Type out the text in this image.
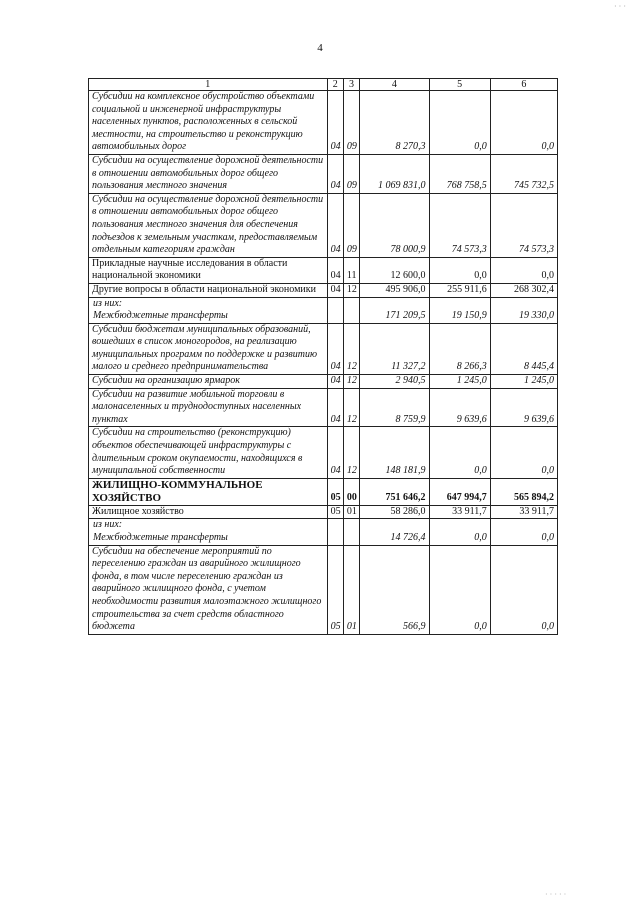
· · ·
4
1	2	3	4	5	6
Субсидии на комплексное обустройство объектами социальной и инженерной инфраструктуры населенных пунктов, расположенных в сельской местности, на строительство и реконструкцию автомобильных дорог	04	09	8 270,3	0,0	0,0
Субсидии на осуществление дорожной деятельности в отношении автомобильных дорог общего пользования местного значения	04	09	1 069 831,0	768 758,5	745 732,5
Субсидии на осуществление дорожной деятельности в отношении автомобильных дорог общего пользования местного значения для обеспечения подъездов к земельным участкам, предоставляемым отдельным категориям граждан	04	09	78 000,9	74 573,3	74 573,3
Прикладные научные исследования в области национальной экономики	04	11	12 600,0	0,0	0,0
Другие вопросы в области национальной экономики	04	12	495 906,0	255 911,6	268 302,4
из них:					
Межбюджетные трансферты			171 209,5	19 150,9	19 330,0
Субсидии бюджетам муниципальных образований, вошедших в список моногородов, на реализацию муниципальных программ по поддержке и развитию малого и среднего предпринимательства	04	12	11 327,2	8 266,3	8 445,4
Субсидии на организацию ярмарок	04	12	2 940,5	1 245,0	1 245,0
Субсидии на развитие мобильной торговли в малонаселенных и труднодоступных населенных пунктах	04	12	8 759,9	9 639,6	9 639,6
Субсидии на строительство (реконструкцию) объектов обеспечивающей инфраструктуры с длительным сроком окупаемости, находящихся в муниципальной собственности	04	12	148 181,9	0,0	0,0
ЖИЛИЩНО-КОММУНАЛЬНОЕ ХОЗЯЙСТВО	05	00	751 646,2	647 994,7	565 894,2
Жилищное хозяйство	05	01	58 286,0	33 911,7	33 911,7
из них:					
Межбюджетные трансферты			14 726,4	0,0	0,0
Субсидии на обеспечение мероприятий по переселению граждан из аварийного жилищного фонда, в том числе переселению граждан из аварийного жилищного фонда, с учетом необходимости развития малоэтажного жилищного строительства за счет средств областного бюджета	05	01	566,9	0,0	0,0
· · · · ·
